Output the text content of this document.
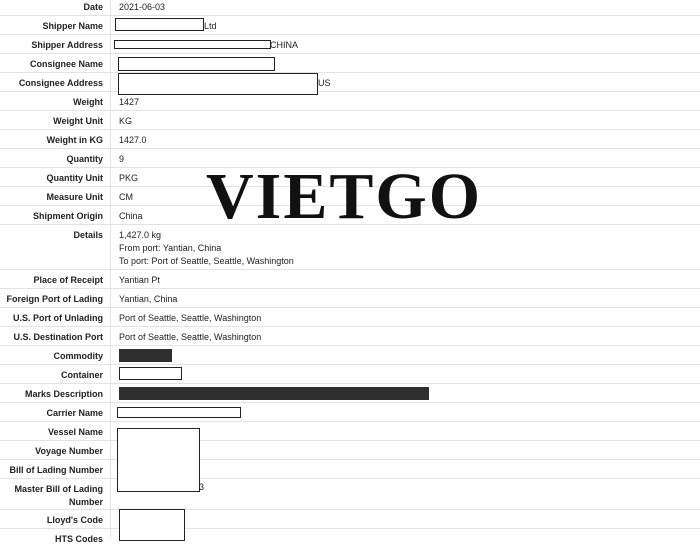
Date 2021-06-03
Shipper Name
Shipper Address
Consignee Name
Consignee Address
Weight 1427
Weight Unit KG
Weight in KG 1427.0
Quantity 9
Quantity Unit PKG
Measure Unit CM
Shipment Origin China
Details 1,427.0 kg
From port: Yantian, China
To port: Port of Seattle, Seattle, Washington
Place of Receipt Yantian Pt
Foreign Port of Lading Yantian, China
U.S. Port of Unlading Port of Seattle, Seattle, Washington
U.S. Destination Port Port of Seattle, Seattle, Washington
Commodity
Container
Marks Description
Carrier Name
Vessel Name
Voyage Number
Bill of Lading Number
Master Bill of Lading Number
Lloyd's Code
HTS Codes
Ltd
CHINA
US
3
VIETGO
